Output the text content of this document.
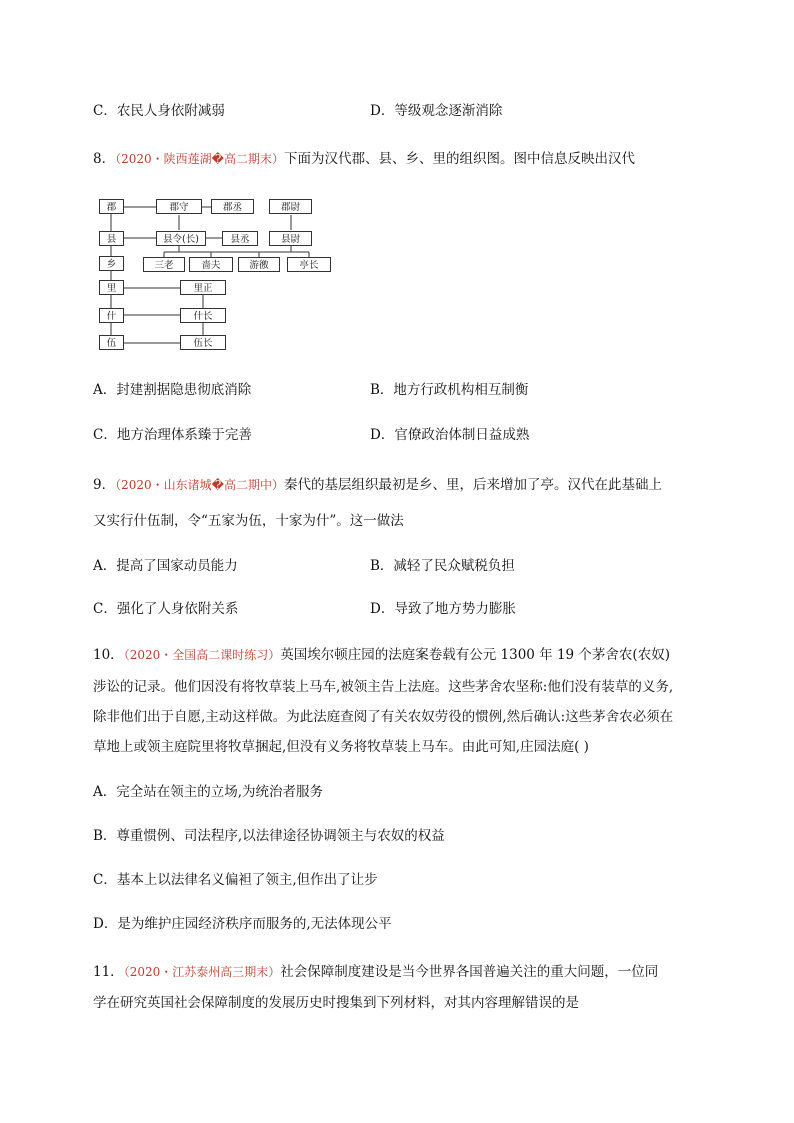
C．农民人身依附减弱	D．等级观念逐渐消除
8．（2020・陕西莲湖�高二期末）下面为汉代郡、县、乡、里的组织图。图中信息反映出汉代
郡
县
乡
里
什
伍
郡守	郡丞	郡尉
县令(长)	县丞	县尉
三老	啬夫	游徼	亭长
里正
什长
伍长
A．封建割据隐患彻底消除	B．地方行政机构相互制衡
C．地方治理体系臻于完善	D．官僚政治体制日益成熟
9．（2020・山东诸城�高二期中）秦代的基层组织最初是乡、里，后来增加了亭。汉代在此基础上
又实行什伍制，令“五家为伍，十家为什”。这一做法
A．提高了国家动员能力	B．减轻了民众赋税负担
C．强化了人身依附关系	D．导致了地方势力膨胀
10．（2020・全国高二课时练习）英国埃尔顿庄园的法庭案卷载有公元 1300 年 19 个茅舍农(农奴)
涉讼的记录。他们因没有将牧草装上马车,被领主告上法庭。这些茅舍农坚称:他们没有装草的义务,
除非他们出于自愿,主动这样做。为此法庭查阅了有关农奴劳役的惯例,然后确认:这些茅舍农必须在
草地上或领主庭院里将牧草捆起,但没有义务将牧草装上马车。由此可知,庄园法庭( )
A．完全站在领主的立场,为统治者服务
B．尊重惯例、司法程序,以法律途径协调领主与农奴的权益
C．基本上以法律名义偏袒了领主,但作出了让步
D．是为维护庄园经济秩序而服务的,无法体现公平
11．（2020・江苏泰州高三期末）社会保障制度建设是当今世界各国普遍关注的重大问题，一位同
学在研究英国社会保障制度的发展历史时搜集到下列材料，对其内容理解错误的是
